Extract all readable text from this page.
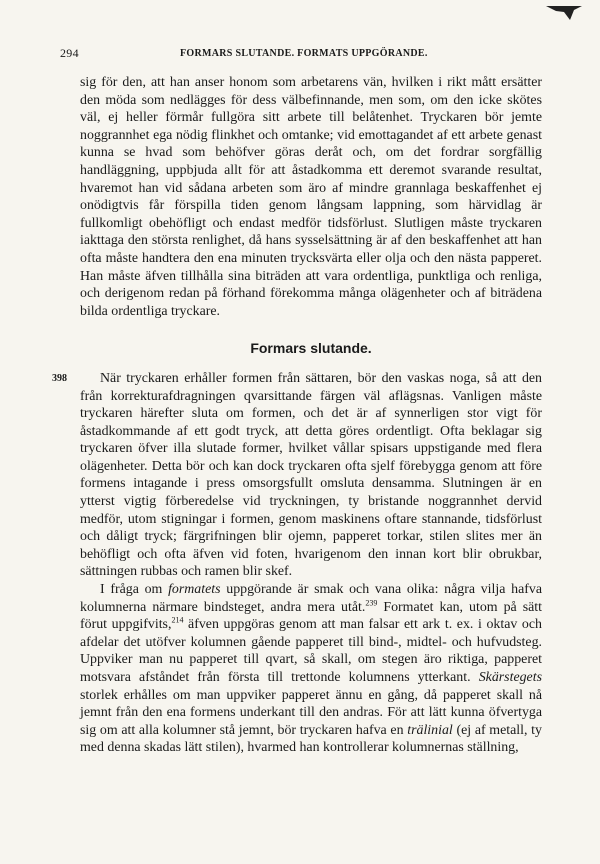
294	FORMARS SLUTANDE. FORMATS UPPGÖRANDE.

sig för den, att han anser honom som arbetarens vän, hvilken i rikt mått ersätter den möda som nedlägges för dess välbefinnande, men som, om den icke skötes väl, ej heller förmår fullgöra sitt arbete till belåtenhet. Tryckaren bör jemte noggrannhet ega nödig flinkhet och omtanke; vid emottagandet af ett arbete genast kunna se hvad som behöfver göras deråt och, om det fordrar sorgfällig handläggning, uppbjuda allt för att åstadkomma ett deremot svarande resultat, hvaremot han vid sådana arbeten som äro af mindre grannlaga beskaffenhet ej onödigtvis får förspilla tiden genom långsam lappning, som härvidlag är fullkomligt obehöfligt och endast medför tidsförlust. Slutligen måste tryckaren iakttaga den största renlighet, då hans sysselsättning är af den beskaffenhet att han ofta måste handtera den ena minuten trycksvärta eller olja och den nästa papperet. Han måste äfven tillhålla sina biträden att vara ordentliga, punktliga och renliga, och derigenom redan på förhand förekomma många olägenheter och af biträdena bilda ordentliga tryckare.

Formars slutande.
398	När tryckaren erhåller formen från sättaren, bör den vaskas noga, så att den från korrekturafdragningen qvarsittande färgen väl aflägsnas. Vanligen måste tryckaren härefter sluta om formen, och det är af synnerligen stor vigt för åstadkommande af ett godt tryck, att detta göres ordentligt. Ofta beklagar sig tryckaren öfver illa slutade former, hvilket vållar spisars uppstigande med flera olägenheter. Detta bör och kan dock tryckaren ofta sjelf förebygga genom att före formens intagande i press omsorgsfullt omsluta densamma. Slutningen är en ytterst vigtig förberedelse vid tryckningen, ty bristande noggrannhet dervid medför, utom stigningar i formen, genom maskinens oftare stannande, tidsförlust och dåligt tryck; färgrifningen blir ojemn, papperet torkar, stilen slites mer än behöfligt och ofta äfven vid foten, hvarigenom den innan kort blir obrukbar, sättningen rubbas och ramen blir skef.

I fråga om formatets uppgörande är smak och vana olika: några vilja hafva kolumnerna närmare bindsteget, andra mera utåt.$^{239}$ Formatet kan, utom på sätt förut uppgifvits,$^{214}$ äfven uppgöras genom att man falsar ett ark t. ex. i oktav och afdelar det utöfver kolumnen gående papperet till bind-, midtel- och hufvudsteg. Uppviker man nu papperet till qvart, så skall, om stegen äro riktiga, papperet motsvara afståndet från första till trettonde kolumnens ytterkant. Skärstegets storlek erhålles om man uppviker papperet ännu en gång, då papperet skall nå jemnt från den ena formens underkant till den andras. För att lätt kunna öfvertyga sig om att alla kolumner stå jemnt, bör tryckaren hafva en trälinial (ej af metall, ty med denna skadas lätt stilen), hvarmed han kontrollerar kolumnernas ställning,
